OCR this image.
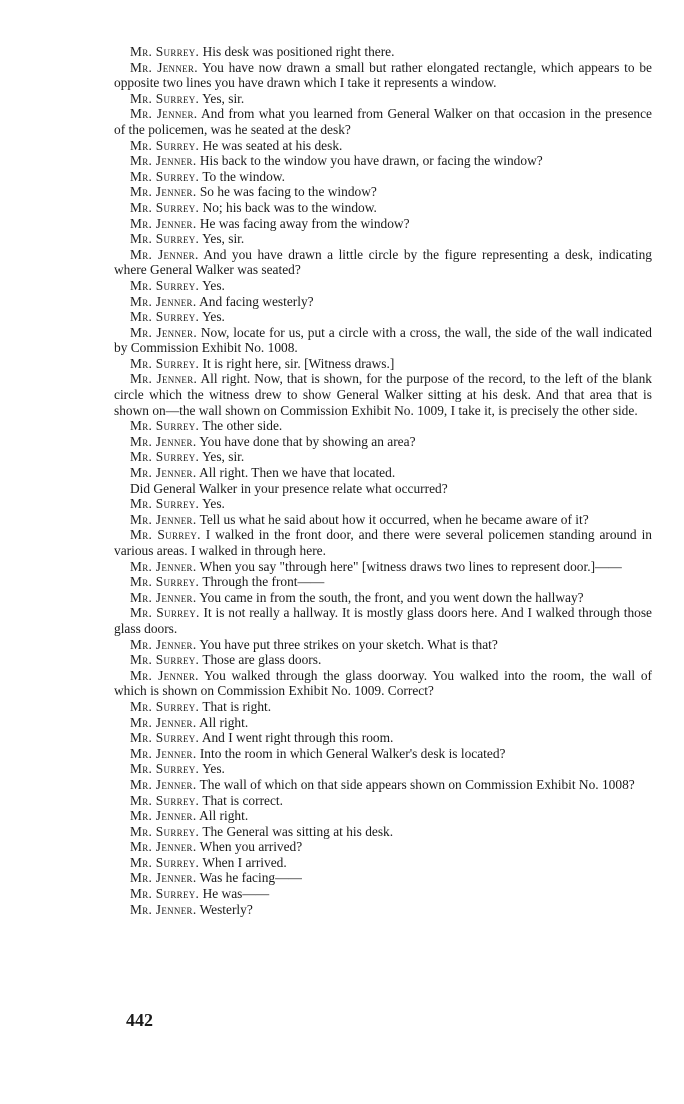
Mr. Surrey. His desk was positioned right there.

Mr. Jenner. You have now drawn a small but rather elongated rectangle, which appears to be opposite two lines you have drawn which I take it represents a window.

Mr. Surrey. Yes, sir.

Mr. Jenner. And from what you learned from General Walker on that occasion in the presence of the policemen, was he seated at the desk?

Mr. Surrey. He was seated at his desk.

Mr. Jenner. His back to the window you have drawn, or facing the window?

Mr. Surrey. To the window.

Mr. Jenner. So he was facing to the window?

Mr. Surrey. No; his back was to the window.

Mr. Jenner. He was facing away from the window?

Mr. Surrey. Yes, sir.

Mr. Jenner. And you have drawn a little circle by the figure representing a desk, indicating where General Walker was seated?

Mr. Surrey. Yes.

Mr. Jenner. And facing westerly?

Mr. Surrey. Yes.

Mr. Jenner. Now, locate for us, put a circle with a cross, the wall, the side of the wall indicated by Commission Exhibit No. 1008.

Mr. Surrey. It is right here, sir. [Witness draws.]

Mr. Jenner. All right. Now, that is shown, for the purpose of the record, to the left of the blank circle which the witness drew to show General Walker sitting at his desk. And that area that is shown on—the wall shown on Commission Exhibit No. 1009, I take it, is precisely the other side.

Mr. Surrey. The other side.

Mr. Jenner. You have done that by showing an area?

Mr. Surrey. Yes, sir.

Mr. Jenner. All right. Then we have that located.

Did General Walker in your presence relate what occurred?

Mr. Surrey. Yes.

Mr. Jenner. Tell us what he said about how it occurred, when he became aware of it?

Mr. Surrey. I walked in the front door, and there were several policemen standing around in various areas. I walked in through here.

Mr. Jenner. When you say "through here" [witness draws two lines to represent door.]——

Mr. Surrey. Through the front——

Mr. Jenner. You came in from the south, the front, and you went down the hallway?

Mr. Surrey. It is not really a hallway. It is mostly glass doors here. And I walked through those glass doors.

Mr. Jenner. You have put three strikes on your sketch. What is that?

Mr. Surrey. Those are glass doors.

Mr. Jenner. You walked through the glass doorway. You walked into the room, the wall of which is shown on Commission Exhibit No. 1009. Correct?

Mr. Surrey. That is right.

Mr. Jenner. All right.

Mr. Surrey. And I went right through this room.

Mr. Jenner. Into the room in which General Walker's desk is located?

Mr. Surrey. Yes.

Mr. Jenner. The wall of which on that side appears shown on Commission Exhibit No. 1008?

Mr. Surrey. That is correct.

Mr. Jenner. All right.

Mr. Surrey. The General was sitting at his desk.

Mr. Jenner. When you arrived?

Mr. Surrey. When I arrived.

Mr. Jenner. Was he facing——

Mr. Surrey. He was——

Mr. Jenner. Westerly?

442
